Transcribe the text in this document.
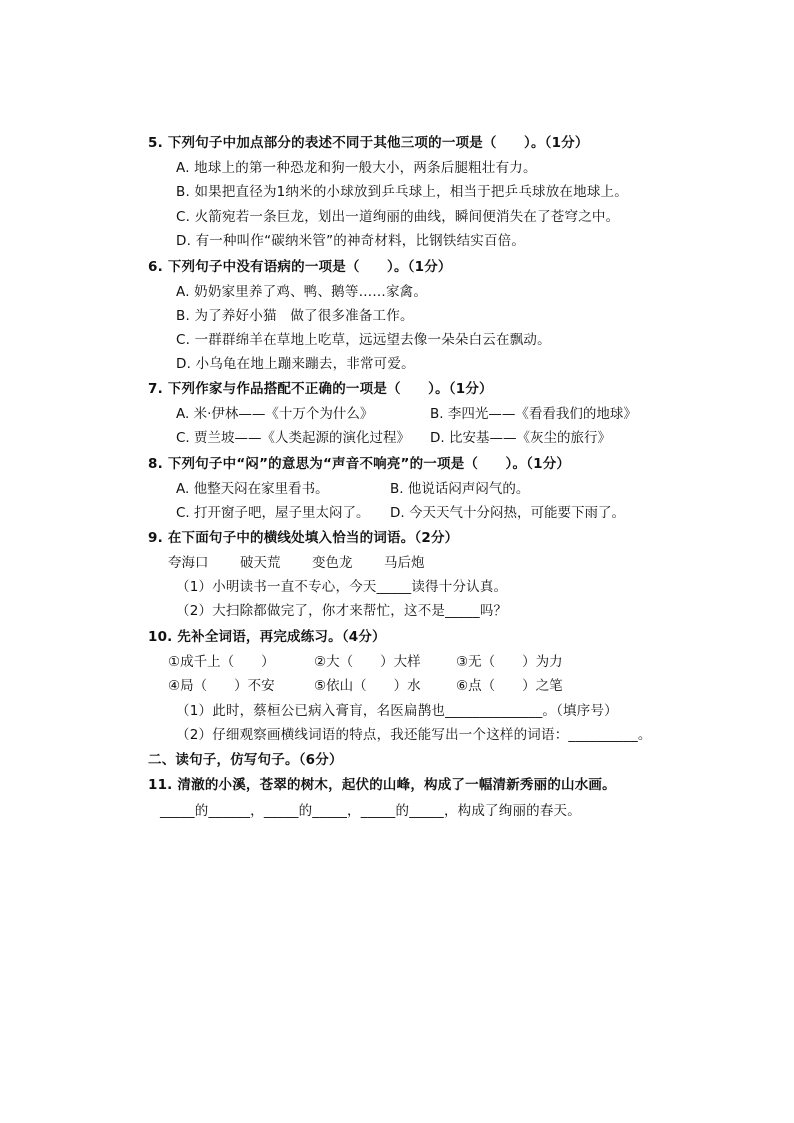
5. 下列句子中加点部分的表述不同于其他三项的一项是（　　）。（1分）
A. 地球上的第一种恐龙和狗一般大小，两条后腿粗壮有力。
B. 如果把直径为1纳米的小球放到乒乓球上，相当于把乒乓球放在地球上。
C. 火箭宛若一条巨龙，划出一道绚丽的曲线，瞬间便消失在了苍穹之中。
D. 有一种叫作“碳纳米管”的神奇材料，比钢铁结实百倍。
6. 下列句子中没有语病的一项是（　　）。（1分）
A. 奶奶家里养了鸡、鸭、鹅等……家禽。
B. 为了养好小猫　做了很多准备工作。
C. 一群群绵羊在草地上吃草，远远望去像一朵朵白云在飘动。
D. 小乌龟在地上蹦来蹦去，非常可爱。
7. 下列作家与作品搭配不正确的一项是（　　）。（1分）
A. 米·伊林——《十万个为什么》	B. 李四光——《看看我们的地球》
C. 贾兰坡——《人类起源的演化过程》 D. 比安基——《灰尘的旅行》
8. 下列句子中“闷”的意思为“声音不响亮”的一项是（　　）。（1分）
A. 他整天闷在家里看书。	B. 他说话闷声闷气的。
C. 打开窗子吧，屋子里太闷了。 D. 今天天气十分闷热，可能要下雨了。
9. 在下面句子中的横线处填入恰当的词语。（2分）
夸海口 破天荒 变色龙 马后炮
（1）小明读书一直不专心，今天_____读得十分认真。
（2）大扫除都做完了，你才来帮忙，这不是_____吗？
10. 先补全词语，再完成练习。（4分）
①成千上（　　）	②大（　　）大样	③无（　　）为力
④局（　　）不安	⑤依山（　　）水	⑥点（　　）之笔
（1）此时，蔡桓公已病入膏肓，名医扁鹊也______________。（填序号）
（2）仔细观察画横线词语的特点，我还能写出一个这样的词语：__________。
二、读句子，仿写句子。（6分）
11. 清澈的小溪，苍翠的树木，起伏的山峰，构成了一幅清新秀丽的山水画。
_____的______，_____的_____，_____的_____，构成了绚丽的春天。
